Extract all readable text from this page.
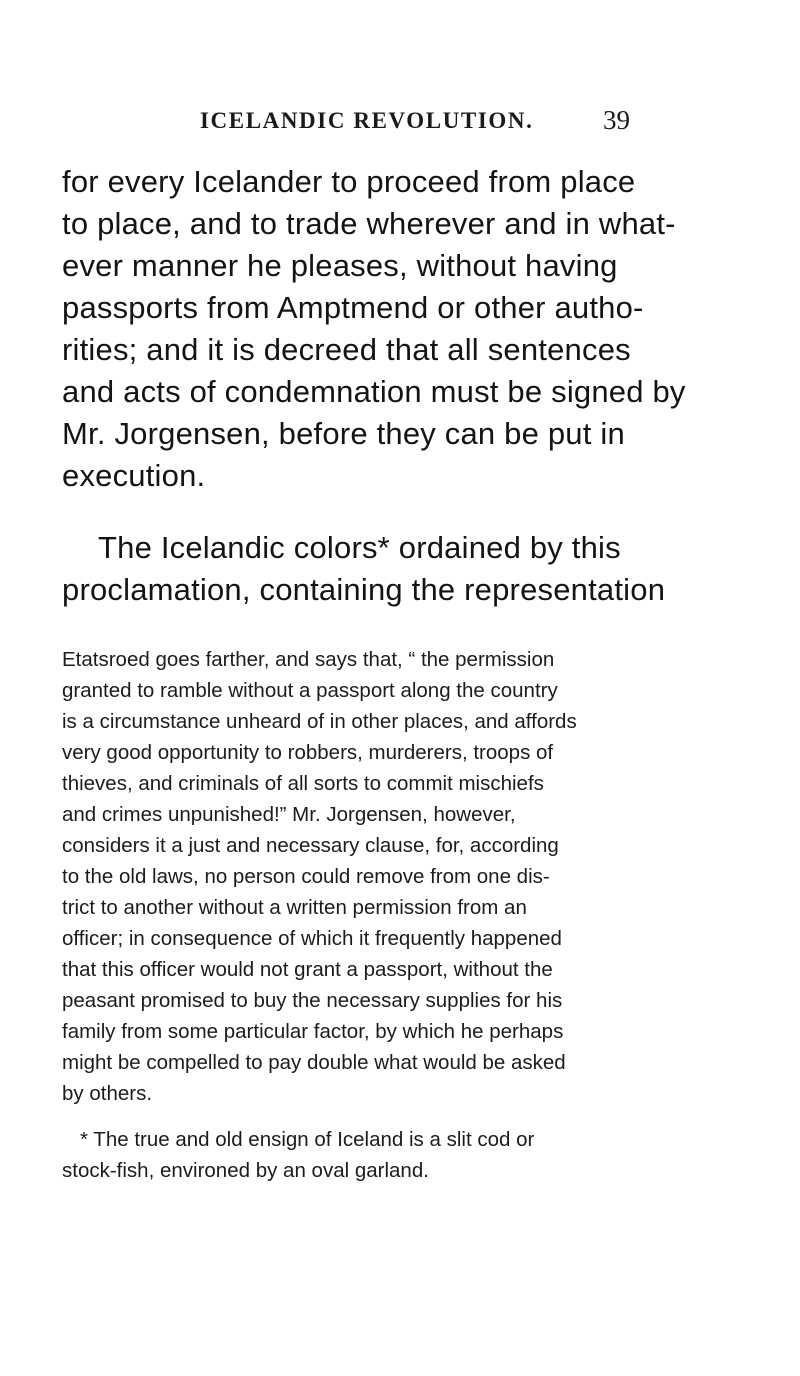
ICELANDIC REVOLUTION.	39
for every Icelander to proceed from place
to place, and to trade wherever and in what-
ever manner he pleases, without having
passports from Amptmend or other autho-
rities; and it is decreed that all sentences
and acts of condemnation must be signed by
Mr. Jorgensen, before they can be put in
execution.
The Icelandic colors* ordained by this
proclamation, containing the representation
Etatsroed goes farther, and says that, “ the permission
granted to ramble without a passport along the country
is a circumstance unheard of in other places, and affords
very good opportunity to robbers, murderers, troops of
thieves, and criminals of all sorts to commit mischiefs
and crimes unpunished!” Mr. Jorgensen, however,
considers it a just and necessary clause, for, according
to the old laws, no person could remove from one dis-
trict to another without a written permission from an
officer; in consequence of which it frequently happened
that this officer would not grant a passport, without the
peasant promised to buy the necessary supplies for his
family from some particular factor, by which he perhaps
might be compelled to pay double what would be asked
by others.
* The true and old ensign of Iceland is a slit cod or
stock-fish, environed by an oval garland.
